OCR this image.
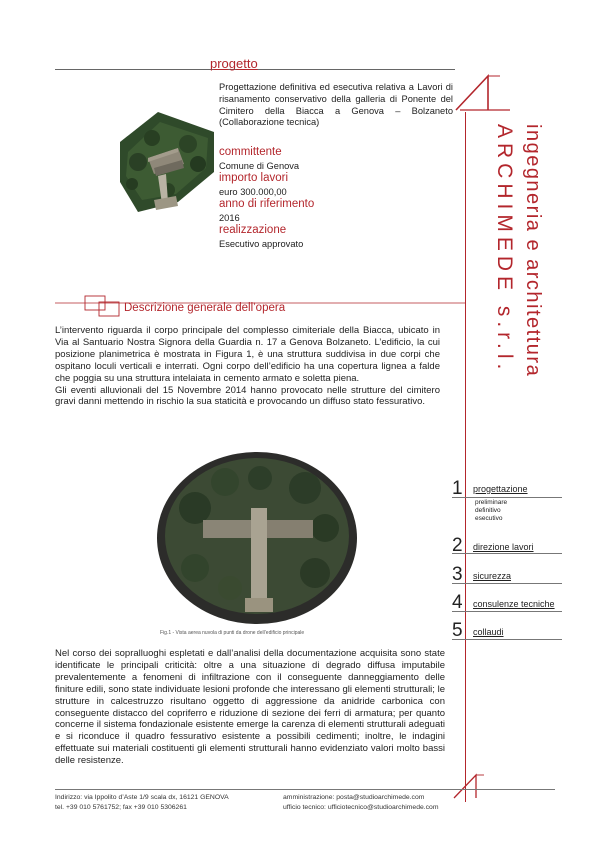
ARCHIMEDE s.r.l. ingegneria e architettura
progetto
Progettazione definitiva ed esecutiva relativa a Lavori di risanamento conservativo della galleria di Ponente del Cimitero della Biacca a Genova – Bolzaneto (Collaborazione tecnica)
committente
Comune di Genova
importo lavori
euro 300.000,00
anno di riferimento
2016
realizzazione
Esecutivo approvato
Descrizione generale dell’opera

L’intervento riguarda il corpo principale del complesso cimiteriale della Biacca, ubicato in Via al Santuario Nostra Signora della Guardia n. 17 a Genova Bolzaneto. L’edificio, la cui posizione planimetrica è mostrata in Figura 1, è una struttura suddivisa in due corpi che ospitano loculi verticali e interrati. Ogni corpo dell’edificio ha una copertura lignea a falde che poggia su una struttura intelaiata in cemento armato e soletta piena.

Gli eventi alluvionali del 15 Novembre 2014 hanno provocato nelle strutture del cimitero gravi danni mettendo in rischio la sua staticità e provocando un diffuso stato fessurativo.

Fig.1 - Vista aerea nuvola di punti da drone dell’edificio principale
Nel corso dei sopralluoghi espletati e dall’analisi della documentazione acquisita sono state identificate le principali criticità: oltre a una situazione di degrado diffusa imputabile prevalentemente a fenomeni di infiltrazione con il conseguente danneggiamento delle finiture edili, sono state individuate lesioni profonde che interessano gli elementi strutturali; le strutture in calcestruzzo risultano oggetto di aggressione da anidride carbonica con conseguente distacco del copriferro e riduzione di sezione dei ferri di armatura; per quanto concerne il sistema fondazionale esistente emerge la carenza di elementi strutturali adeguati e si riconduce il quadro fessurativo esistente a possibili cedimenti; inoltre, le indagini effettuate sui materiali costituenti gli elementi strutturali hanno evidenziato valori molto bassi delle resistenze.
1 progettazione
preliminare
definitivo
esecutivo
2 direzione lavori
3 sicurezza
4 consulenze tecniche
5 collaudi
Indirizzo: via Ippolito d’Aste 1/9 scala dx, 16121 GENOVA
tel. +39 010 5761752; fax +39 010 5306261
amministrazione: posta@studioarchimede.com
ufficio tecnico: ufficiotecnico@studioarchimede.com
